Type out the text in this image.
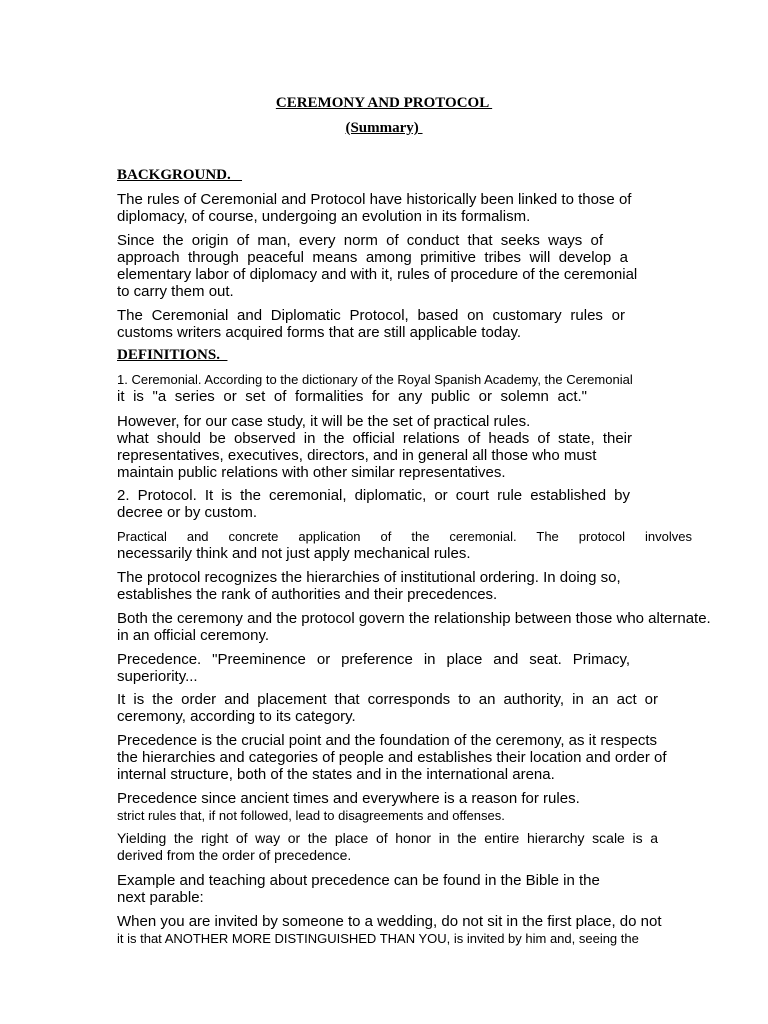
CEREMONY AND PROTOCOL
(Summary)
BACKGROUND.
The rules of Ceremonial and Protocol have historically been linked to those of
diplomacy, of course, undergoing an evolution in its formalism.
Since the origin of man, every norm of conduct that seeks ways of
approach through peaceful means among primitive tribes will develop a
elementary labor of diplomacy and with it, rules of procedure of the ceremonial
to carry them out.
The Ceremonial and Diplomatic Protocol, based on customary rules or
customs writers acquired forms that are still applicable today.
DEFINITIONS.
1. Ceremonial. According to the dictionary of the Royal Spanish Academy, the Ceremonial
it is "a series or set of formalities for any public or solemn act."
However, for our case study, it will be the set of practical rules.
what should be observed in the official relations of heads of state, their
representatives, executives, directors, and in general all those who must
maintain public relations with other similar representatives.
2. Protocol. It is the ceremonial, diplomatic, or court rule established by
decree or by custom.
Practical and concrete application of the ceremonial. The protocol involves
necessarily think and not just apply mechanical rules.
The protocol recognizes the hierarchies of institutional ordering. In doing so,
establishes the rank of authorities and their precedences.
Both the ceremony and the protocol govern the relationship between those who alternate.
in an official ceremony.
Precedence. "Preeminence or preference in place and seat. Primacy,
superiority...
It is the order and placement that corresponds to an authority, in an act or
ceremony, according to its category.
Precedence is the crucial point and the foundation of the ceremony, as it respects
the hierarchies and categories of people and establishes their location and order of
internal structure, both of the states and in the international arena.
Precedence since ancient times and everywhere is a reason for rules.
strict rules that, if not followed, lead to disagreements and offenses.
Yielding the right of way or the place of honor in the entire hierarchy scale is a
derived from the order of precedence.
Example and teaching about precedence can be found in the Bible in the
next parable:
When you are invited by someone to a wedding, do not sit in the first place, do not
it is that ANOTHER MORE DISTINGUISHED THAN YOU, is invited by him and, seeing the
